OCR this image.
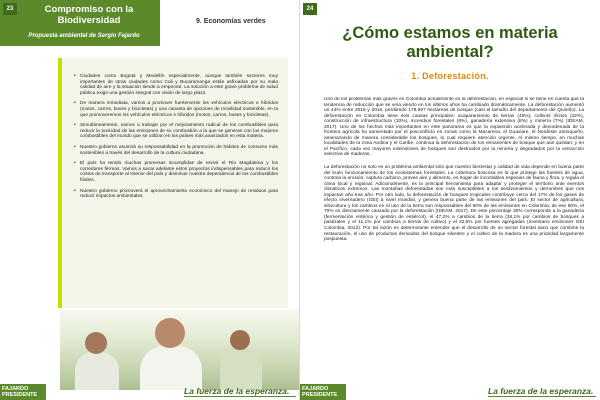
23	Compromiso con la Biodiversidad
Propuesta ambiental de Sergio Fajardo
9. Economías verdes
• Ciudades como Bogotá y Medellín especialmente, aunque también sectores muy importantes de otras ciudades como Cali y Bucaramanga están asfixiadas por su mala calidad de aire y la situación tiende a empeorar. La solución a este grave problema de salud pública exige una gestión integral con visión de largo plazo.
• De manera inmediata, vamos a promover fuertemente los vehículos eléctricos e híbridos (motos, carros, buses y bicicletas) y una canasta de opciones de movilidad sostenible, en la que promoveremos los vehículos eléctricos e híbridos (motos, carros, buses y bicicletas).
• Simultáneamente, vamos a trabajar por el mejoramiento radical de los combustibles para reducir la toxicidad de las emisiones de su combustión a la que se generan con los mejores combustibles del mundo que se utilizan en los países más avanzados en esta materia.
• Nuestro gobierno asumirá su responsabilidad en la promoción de hábitos de consumo más sostenibles a través del desarrollo de la cultura ciudadana.
• El país ha tenido muchas promesas incumplidas de revivir el Río Magdalena y los corredores férreos. Vamos a sacar adelante estos proyectos indispensables para reducir los costos de transporte al interior del país y disminuir nuestra dependencia de los combustibles fósiles.
• Nuestro gobierno promoverá el aprovechamiento económico del manejo de residuos para reducir impactos ambientales.
FAJARDO PRESIDENTE	La fuerza de la esperanza.
24
¿Cómo estamos en materia ambiental?
1. Deforestación.

Uno de los problemas más graves en Colombia actualmente es la deforestación, en especial si se tiene en cuenta que la tendencia de reducción que se veía viendo en los últimos años ha cambiado dramáticamente. La deforestación aumentó un 44% entre 2015 y 2016, perdiendo 178.597 hectáreas de bosque (casi el tamaño del departamento del Quindío). La deforestación en Colombia tiene seis causas principales: acaparamiento de tierras (45%), cultivos ilícitos (22%), construcción de infraestructura (10%), incendios forestales (8%), ganadería extensiva (8%) y minería (7%) (IDEAM, 2017). Uno de los hechos más importantes en este panorama es que la expansión acelerada y desordenada de la frontera agrícola ha aumentado por el posconflicto en zonas como la Macarena, el Guaviare, el Nordeste antioqueño, amenazando de manera considerable los bosques, lo cual requiere atención urgente. Al mismo tiempo, en muchas localidades de la zona Andina y el Caribe, continua la deforestación de los remanentes de bosque que aún quedan; y en el Pacífico, cada vez mayores extensiones de bosques son destruidos por la minería y degradados por la extracción selectiva de maderas.

La deforestación no solo es un problema ambiental sino que nuestro bienestar y calidad de vida depende en buena parte del buen funcionamiento de los ecosistemas forestales. La cobertura boscosa es la que protege las fuentes de agua, controla la erosión, captura carbono, provee aire y alimento, es hogar de incontables especies de fauna y flora, y regula el clima local y regional. Adicionalmente, es la principal herramienta para adaptar y proteger el territorio ante eventos climáticos extremos. Las montañas deforestadas son más susceptibles a los deslizamientos y derrumbes que nos impactan año tras año. Por otro lado, la deforestación de bosques tropicales contribuye cerca del 17% de los gases de efecto invernadero (GEI) a nivel mundial, y genera buena parte de las emisiones del país. El sector de agricultura, silvicultura y los cambios en el uso de la tierra son responsables del 60% de las emisiones en Colombia; de ese 60%, el 70% es directamente causado por la deforestación (IDEAM, 2017). De este porcentaje 30% corresponde a la ganadería (fermentación entérica y gestión de estiércol), el 47,2% a cambios de la tierra (36,1% por cambios de bosques a pastizales y el 11,1% por cambios a tierras de cultivo) y el 22,5% por fuentes agregadas (Inventario emisiones GEI Colombia, 2012). Por tal razón es determinante entender que el desarrollo de un sector forestal sano que combine la restauración, el uso de productos derivados del bosque silvestre y el cultivo de la madera es una prioridad largamente pospuesta.

FAJARDO PRESIDENTE	La fuerza de la esperanza.
